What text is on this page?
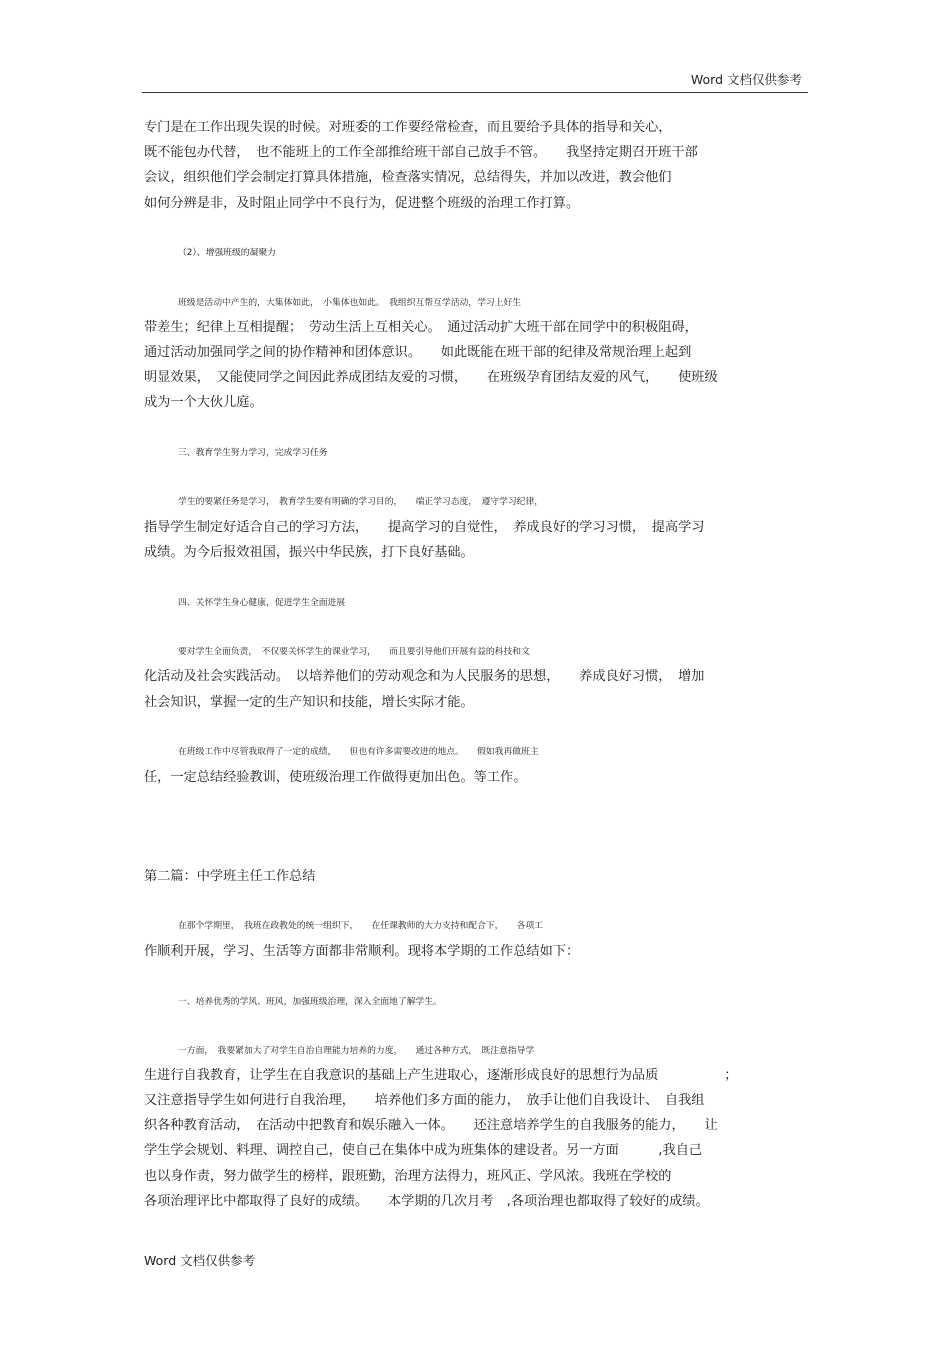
Word 文档仅供参考
专门是在工作出现失误的时候。对班委的工作要经常检查，而且要给予具体的指导和关心，
既不能包办代替，　也不能班上的工作全部推给班干部自己放手不管。　　我坚持定期召开班干部
会议，组织他们学会制定打算具体措施，检查落实情况，总结得失，并加以改进，教会他们
如何分辨是非，及时阻止同学中不良行为，促进整个班级的治理工作打算。
（2）、增强班级的凝聚力
班级是活动中产生的，大集体如此，　小集体也如此。　我组织互帮互学活动，学习上好生
带差生；纪律上互相提醒；　劳动生活上互相关心。　通过活动扩大班干部在同学中的积极阻碍，
通过活动加强同学之间的协作精神和团体意识。　　如此既能在班干部的纪律及常规治理上起到
明显效果，　又能使同学之间因此养成团结友爱的习惯，　　在班级孕育团结友爱的风气，　　使班级
成为一个大伙儿庭。
三、教育学生努力学习，完成学习任务
学生的要紧任务是学习，　教育学生要有明确的学习目的，　　端正学习态度，　遵守学习纪律，
指导学生制定好适合自己的学习方法，　　提高学习的自觉性，　养成良好的学习习惯，　提高学习
成绩。为今后报效祖国，振兴中华民族，打下良好基础。
四、关怀学生身心健康，促进学生全面进展
要对学生全面负责，　不仅要关怀学生的课业学习，　　而且要引导他们开展有益的科技和文
化活动及社会实践活动。　以培养他们的劳动观念和为人民服务的思想，　　养成良好习惯，　增加
社会知识，掌握一定的生产知识和技能，增长实际才能。
在班级工作中尽管我取得了一定的成绩，　　但也有许多需要改进的地点。　　假如我再做班主
任，一定总结经验教训，使班级治理工作做得更加出色。等工作。
第二篇：中学班主任工作总结
在那个学期里，　我班在政教处的统一组织下，　　在任课教师的大力支持和配合下，　　各项工
作顺利开展，学习、生活等方面都非常顺利。现将本学期的工作总结如下：
一、培养优秀的学风、班风，加强班级治理，深入全面地了解学生。
一方面，　我要紧加大了对学生自治自理能力培养的力度，　　通过各种方式，　既注意指导学
生进行自我教育，让学生在自我意识的基础上产生进取心，逐渐形成良好的思想行为品质　　　　　；
又注意指导学生如何进行自我治理，　　培养他们多方面的能力，　放手让他们自我设计、　自我组
织各种教育活动，　在活动中把教育和娱乐融入一体。　　还注意培养学生的自我服务的能力，　　让
学生学会规划、料理、调控自己，使自己在集体中成为班集体的建设者。另一方面　　　,我自己
也以身作责，努力做学生的榜样，跟班勤，治理方法得力，班风正、学风浓。我班在学校的
各项治理评比中都取得了良好的成绩。　　本学期的几次月考　,各项治理也都取得了较好的成绩。
Word 文档仅供参考
